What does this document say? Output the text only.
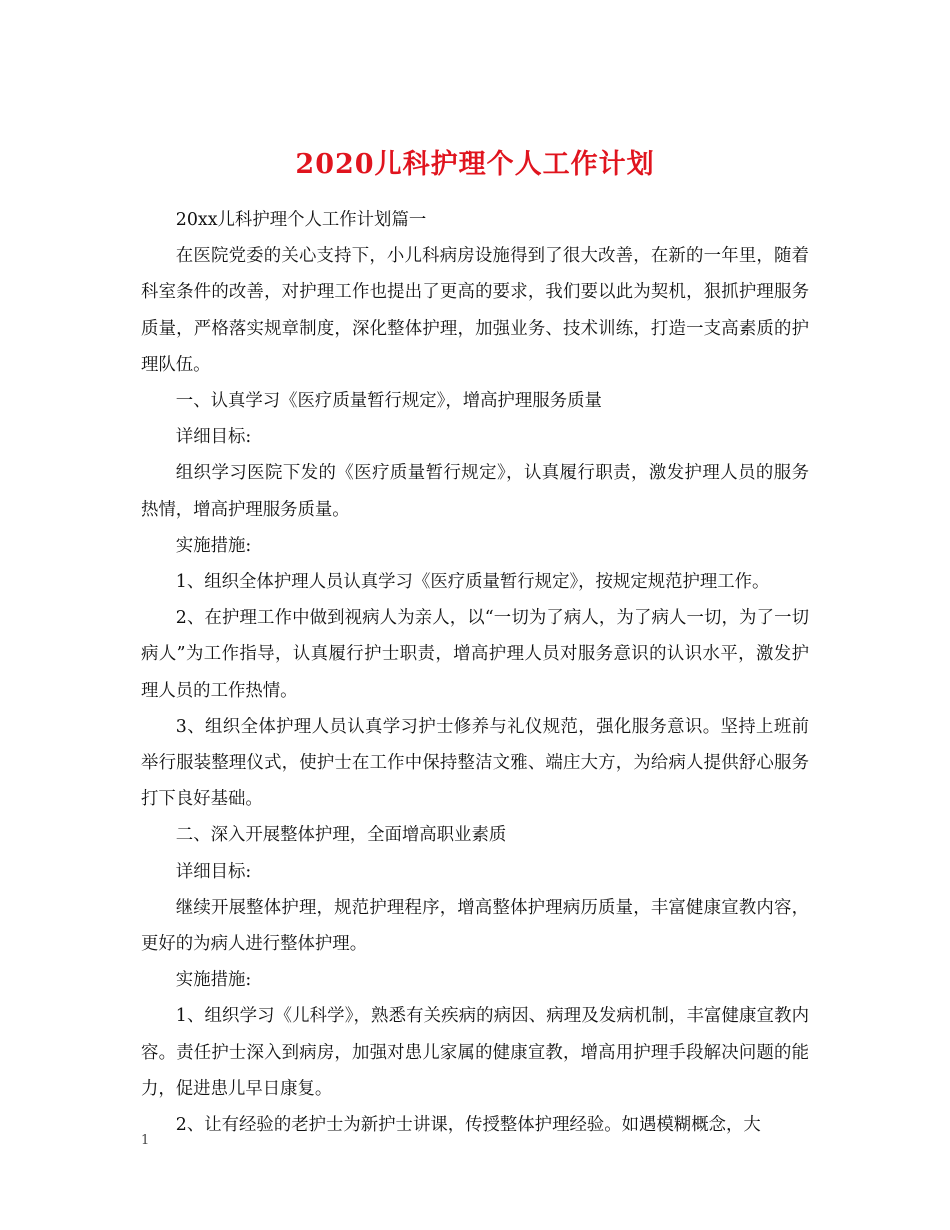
2020儿科护理个人工作计划

20xx儿科护理个人工作计划篇一

在医院党委的关心支持下，小儿科病房设施得到了很大改善，在新的一年里，随着科室条件的改善，对护理工作也提出了更高的要求，我们要以此为契机，狠抓护理服务质量，严格落实规章制度，深化整体护理，加强业务、技术训练，打造一支高素质的护理队伍。

一、认真学习《医疗质量暂行规定》，增高护理服务质量

详细目标:

组织学习医院下发的《医疗质量暂行规定》，认真履行职责，激发护理人员的服务热情，增高护理服务质量。

实施措施:

1、组织全体护理人员认真学习《医疗质量暂行规定》，按规定规范护理工作。

2、在护理工作中做到视病人为亲人，以“一切为了病人，为了病人一切，为了一切病人”为工作指导，认真履行护士职责，增高护理人员对服务意识的认识水平，激发护理人员的工作热情。

3、组织全体护理人员认真学习护士修养与礼仪规范，强化服务意识。坚持上班前举行服装整理仪式，使护士在工作中保持整洁文雅、端庄大方，为给病人提供舒心服务打下良好基础。

二、深入开展整体护理，全面增高职业素质

详细目标:

继续开展整体护理，规范护理程序，增高整体护理病历质量，丰富健康宣教内容，更好的为病人进行整体护理。

实施措施:

1、组织学习《儿科学》，熟悉有关疾病的病因、病理及发病机制，丰富健康宣教内容。责任护士深入到病房，加强对患儿家属的健康宣教，增高用护理手段解决问题的能力，促进患儿早日康复。

2、让有经验的老护士为新护士讲课，传授整体护理经验。如遇模糊概念，大

1
